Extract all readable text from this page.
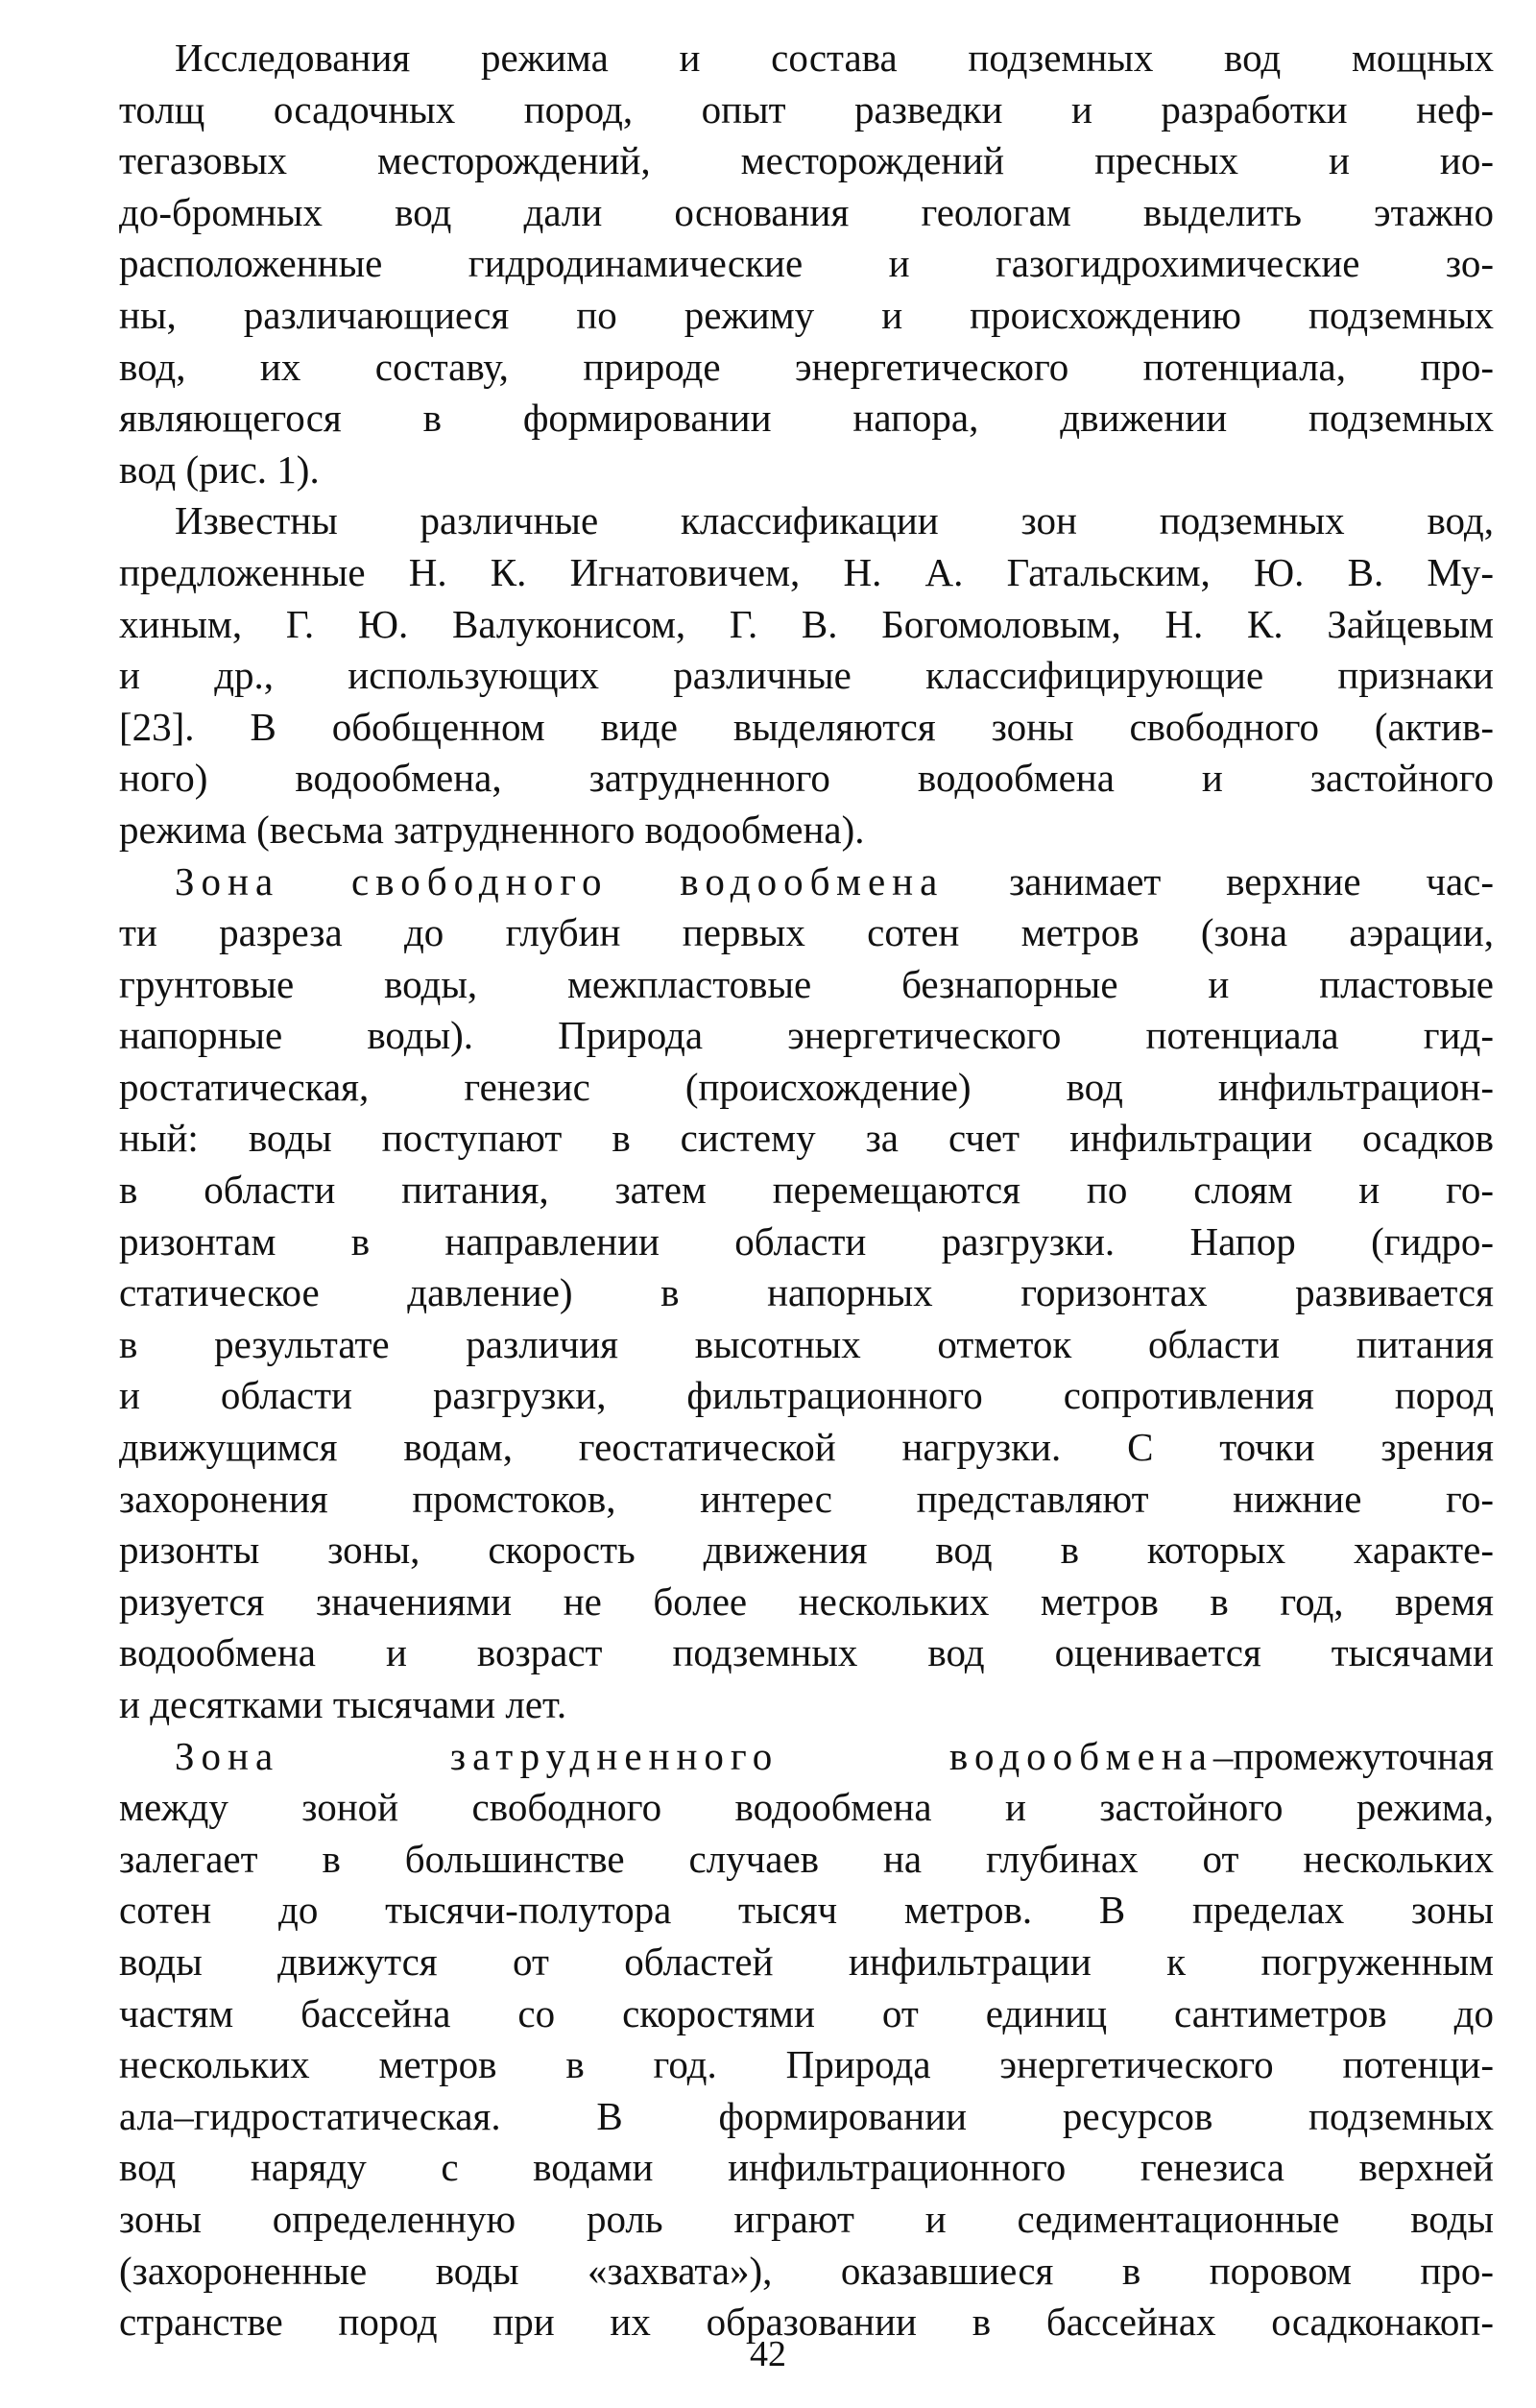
Исследования режима и состава подземных вод мощных
толщ осадочных пород, опыт разведки и разработки неф-
тегазовых месторождений, месторождений пресных и ио-
до-бромных вод дали основания геологам выделить этажно
расположенные гидродинамические и газогидрохимические зо-
ны, различающиеся по режиму и происхождению подземных
вод, их составу, природе энергетического потенциала, про-
являющегося в формировании напора, движении подземных
вод (рис. 1).

Известны различные классификации зон подземных вод,
предложенные Н. К. Игнатовичем, Н. А. Гатальским, Ю. В. Му-
хиным, Г. Ю. Валуконисом, Г. В. Богомоловым, Н. К. Зайцевым
и др., использующих различные классифицирующие признаки
[23]. В обобщенном виде выделяются зоны свободного (актив-
ного) водообмена, затрудненного водообмена и застойного
режима (весьма затрудненного водообмена).

Зона свободного водообмена занимает верхние час-
ти разреза до глубин первых сотен метров (зона аэрации,
грунтовые воды, межпластовые безнапорные и пластовые
напорные воды). Природа энергетического потенциала гид-
ростатическая, генезис (происхождение) вод инфильтрацион-
ный: воды поступают в систему за счет инфильтрации осадков
в области питания, затем перемещаются по слоям и го-
ризонтам в направлении области разгрузки. Напор (гидро-
статическое давление) в напорных горизонтах развивается
в результате различия высотных отметок области питания
и области разгрузки, фильтрационного сопротивления пород
движущимся водам, геостатической нагрузки. С точки зрения
захоронения промстоков, интерес представляют нижние го-
ризонты зоны, скорость движения вод в которых характе-
ризуется значениями не более нескольких метров в год, время
водообмена и возраст подземных вод оценивается тысячами
и десятками тысячами лет.

Зона затрудненного водообмена–промежуточная
между зоной свободного водообмена и застойного режима,
залегает в большинстве случаев на глубинах от нескольких
сотен до тысячи-полутора тысяч метров. В пределах зоны
воды движутся от областей инфильтрации к погруженным
частям бассейна со скоростями от единиц сантиметров до
нескольких метров в год. Природа энергетического потенци-
ала–гидростатическая. В формировании ресурсов подземных
вод наряду с водами инфильтрационного генезиса верхней
зоны определенную роль играют и седиментационные воды
(захороненные воды «захвата»), оказавшиеся в поровом про-
странстве пород при их образовании в бассейнах осадконакоп-

42
